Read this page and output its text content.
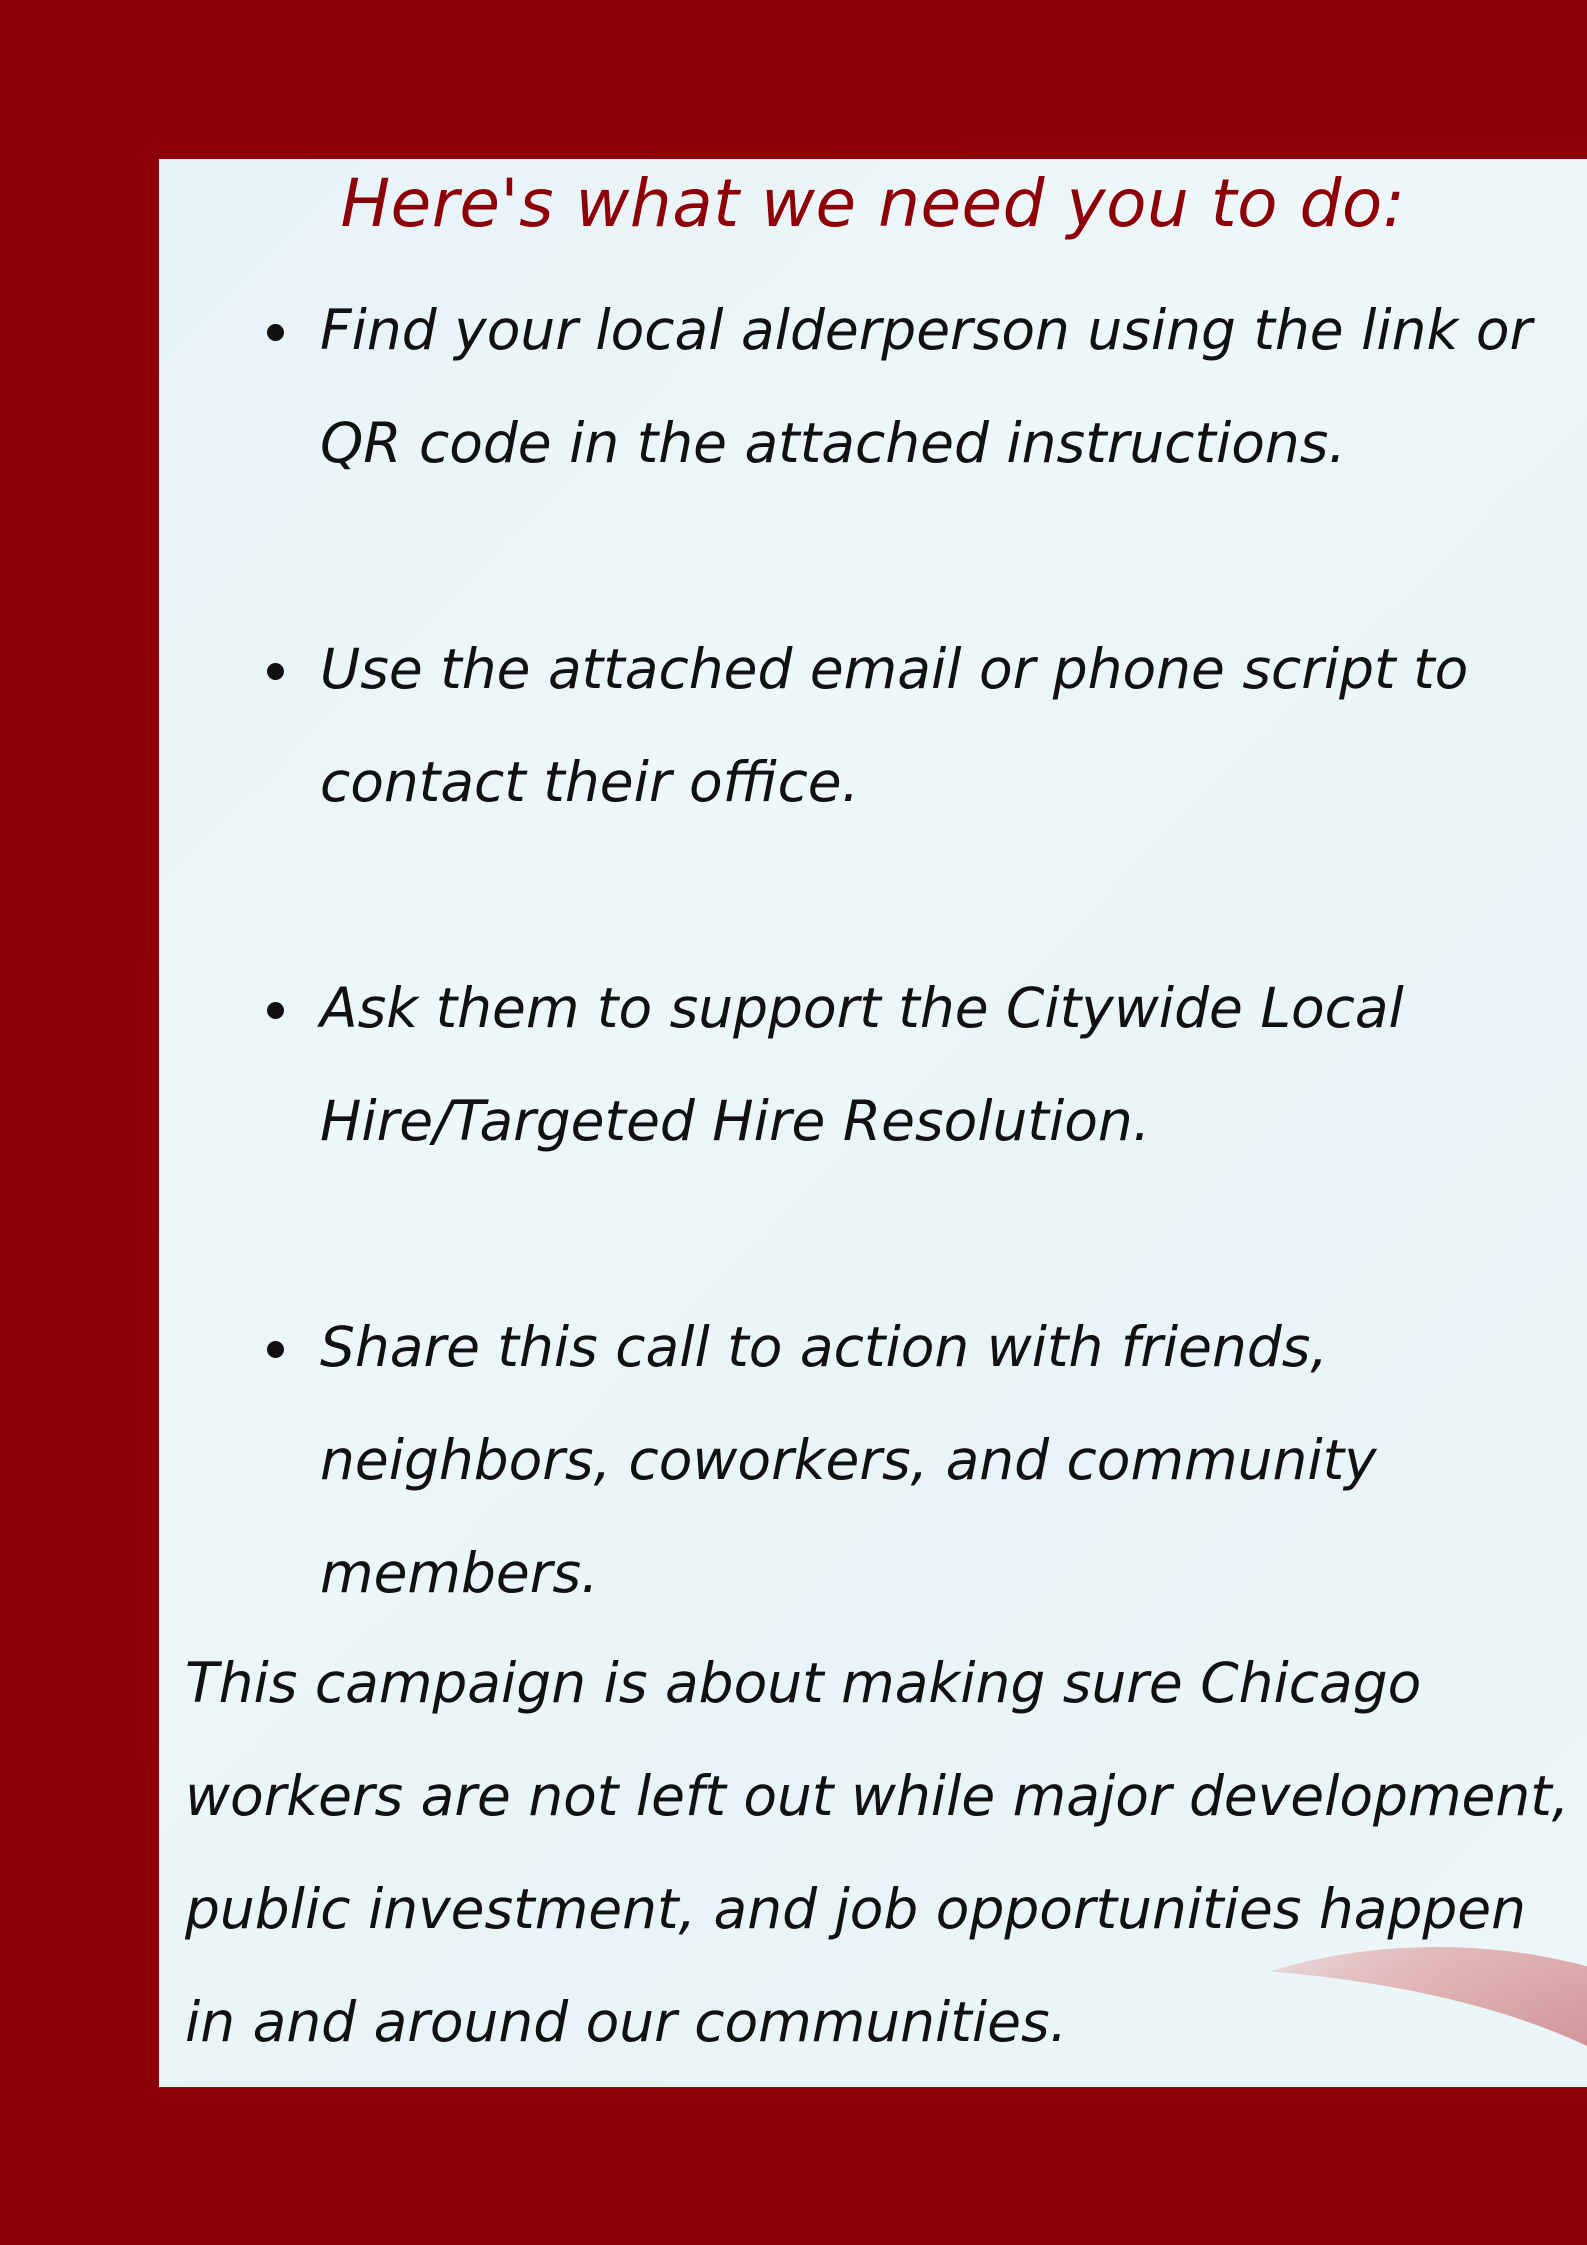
Here's what we need you to do:
Find your local alderperson using the link or QR code in the attached instructions.
Use the attached email or phone script to contact their office.
Ask them to support the Citywide Local Hire/Targeted Hire Resolution.
Share this call to action with friends, neighbors, coworkers, and community members.

This campaign is about making sure Chicago workers are not left out while major development, public investment, and job opportunities happen in and around our communities.
